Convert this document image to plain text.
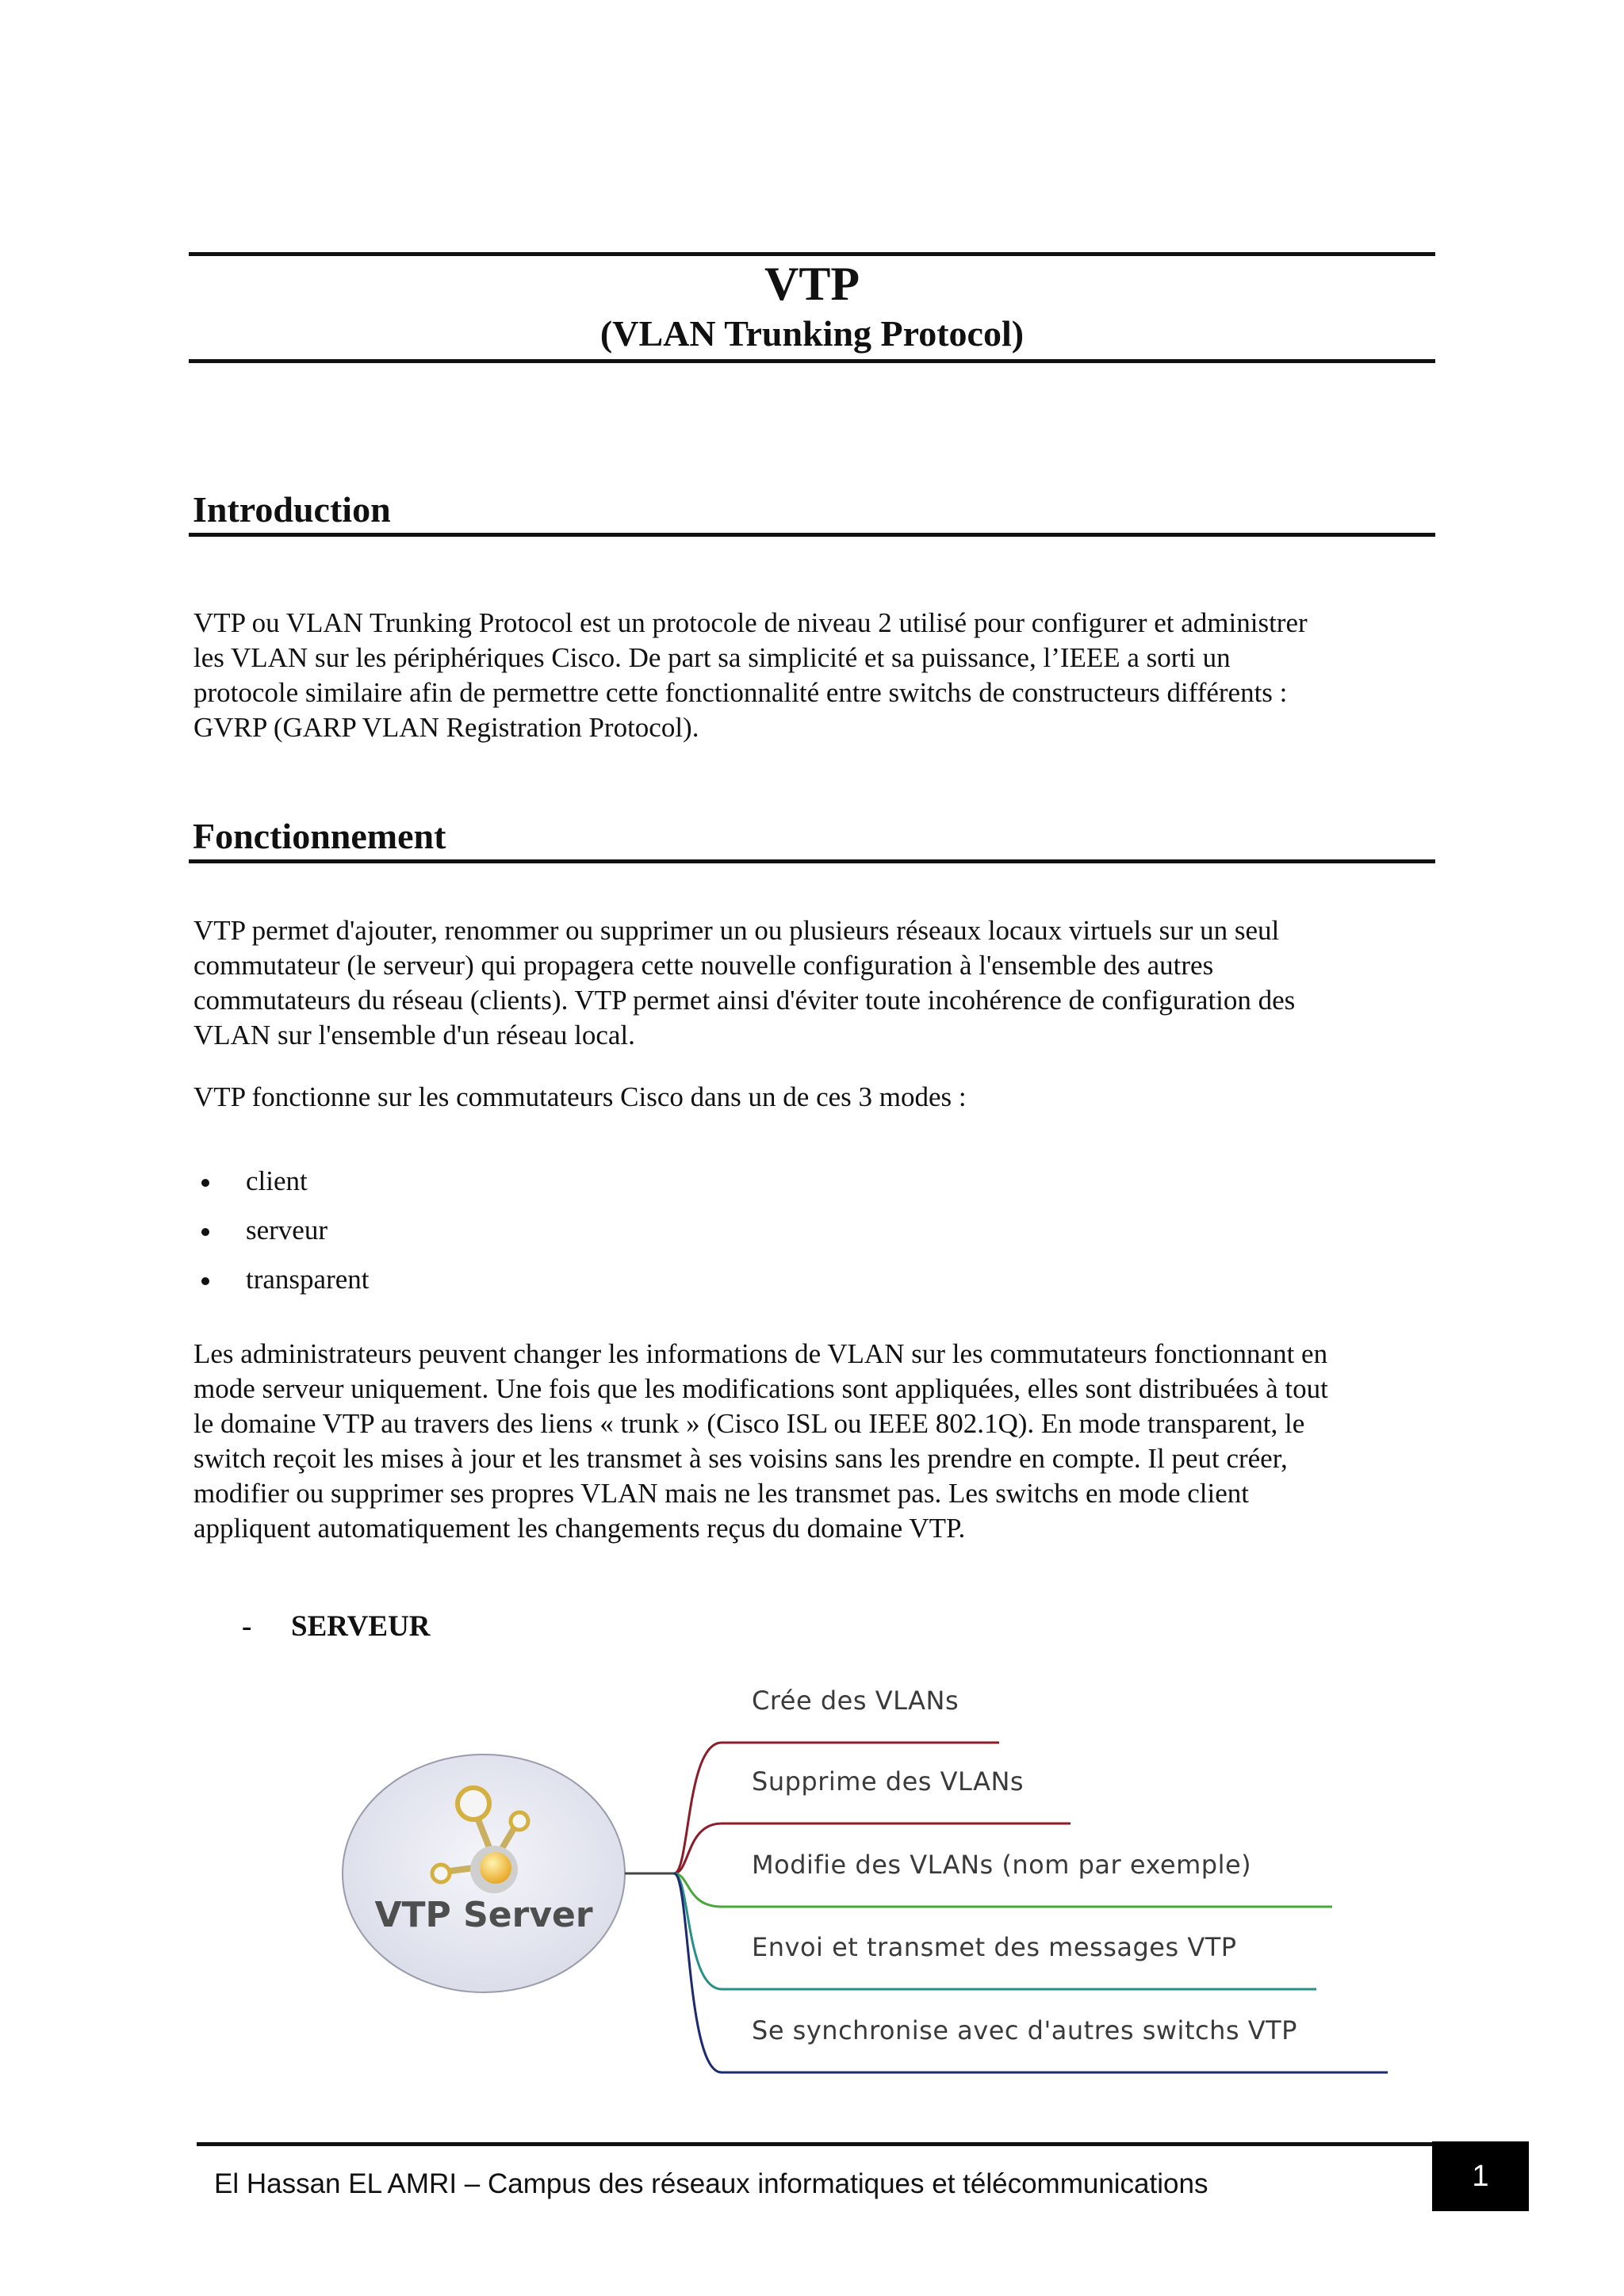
VTP
(VLAN Trunking Protocol)
Introduction
VTP ou VLAN Trunking Protocol est un protocole de niveau 2 utilisé pour configurer et administrer
les VLAN sur les périphériques Cisco. De part sa simplicité et sa puissance, l’IEEE a sorti un
protocole similaire afin de permettre cette fonctionnalité entre switchs de constructeurs différents :
GVRP (GARP VLAN Registration Protocol).
Fonctionnement
VTP permet d'ajouter, renommer ou supprimer un ou plusieurs réseaux locaux virtuels sur un seul
commutateur (le serveur) qui propagera cette nouvelle configuration à l'ensemble des autres
commutateurs du réseau (clients). VTP permet ainsi d'éviter toute incohérence de configuration des
VLAN sur l'ensemble d'un réseau local.
VTP fonctionne sur les commutateurs Cisco dans un de ces 3 modes :
client
serveur
transparent
Les administrateurs peuvent changer les informations de VLAN sur les commutateurs fonctionnant en
mode serveur uniquement. Une fois que les modifications sont appliquées, elles sont distribuées à tout
le domaine VTP au travers des liens « trunk » (Cisco ISL ou IEEE 802.1Q). En mode transparent, le
switch reçoit les mises à jour et les transmet à ses voisins sans les prendre en compte. Il peut créer,
modifier ou supprimer ses propres VLAN mais ne les transmet pas. Les switchs en mode client
appliquent automatiquement les changements reçus du domaine VTP.
- SERVEUR
VTP Server
Crée des VLANs
Supprime des VLANs
Modifie des VLANs (nom par exemple)
Envoi et transmet des messages VTP
Se synchronise avec d'autres switchs VTP
El Hassan EL AMRI – Campus des réseaux informatiques et télécommunications	1
